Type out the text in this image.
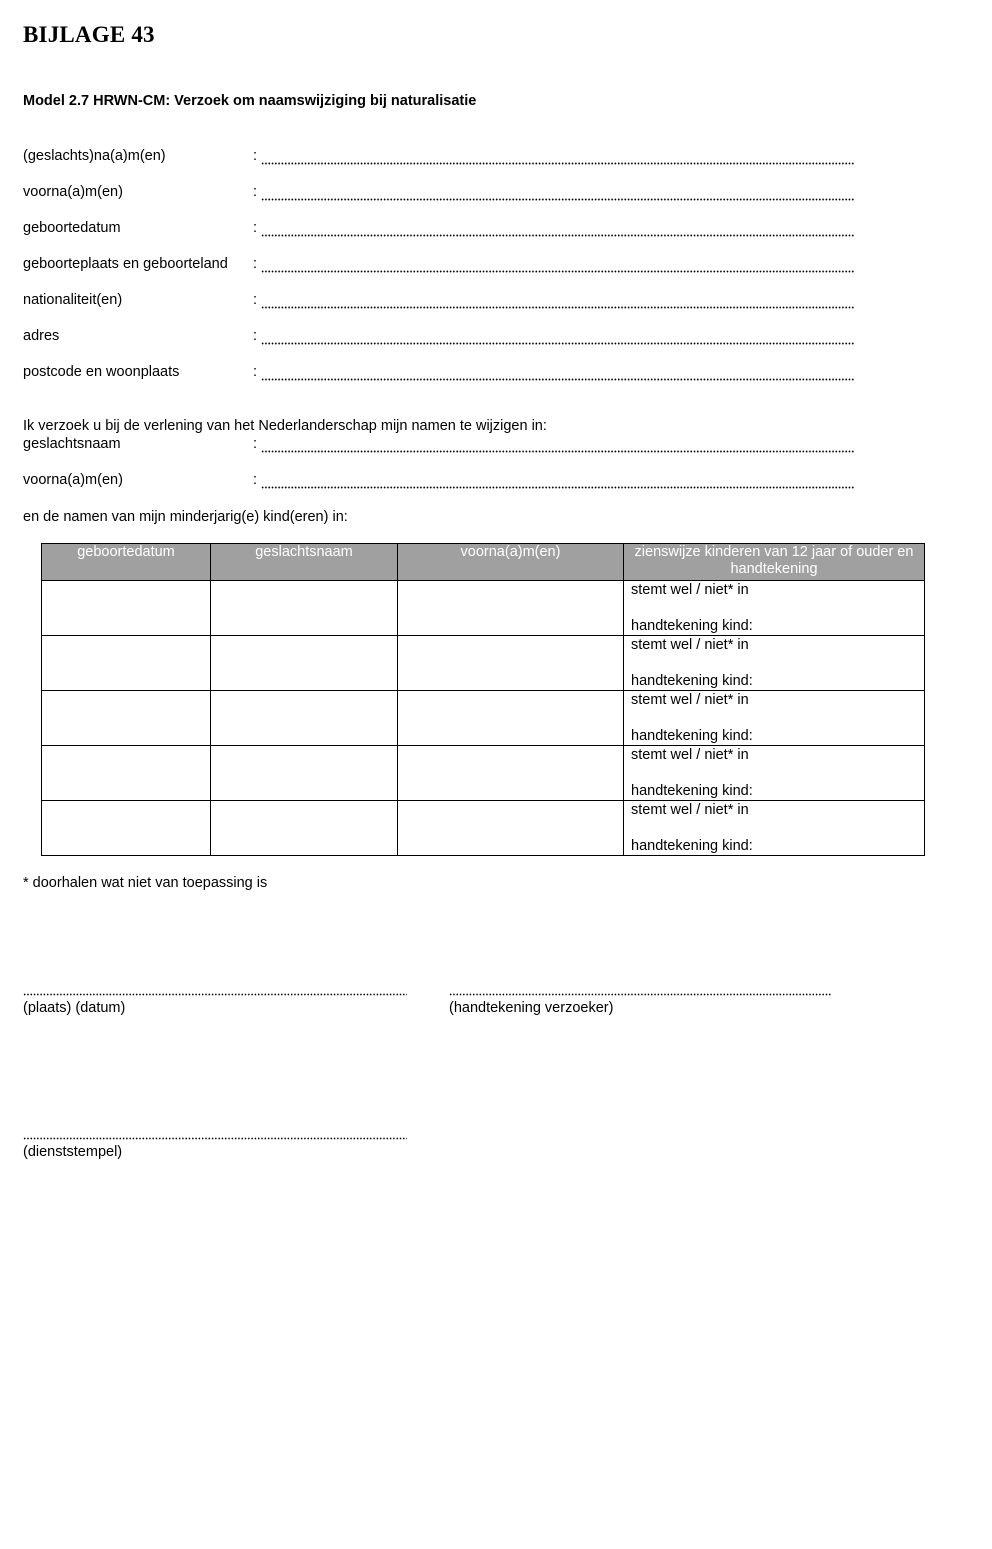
BIJLAGE 43
Model 2.7 HRWN-CM: Verzoek om naamswijziging bij naturalisatie
(geslachts)na(a)m(en)	:
voorna(a)m(en)	:
geboortedatum	:
geboorteplaats en geboorteland :
nationaliteit(en)	:
adres	:
postcode en woonplaats	:
Ik verzoek u bij de verlening van het Nederlanderschap mijn namen te wijzigen in:
geslachtsnaam	:
voorna(a)m(en)	:
en de namen van mijn minderjarig(e) kind(eren) in:
geboortedatum	geslachtsnaam	voorna(a)m(en)	zienswijze kinderen van 12 jaar of ouder en handtekening

			stemt wel / niet* in
handtekening kind:

			stemt wel / niet* in
handtekening kind:

			stemt wel / niet* in
handtekening kind:

			stemt wel / niet* in
handtekening kind:

			stemt wel / niet* in
handtekening kind:
* doorhalen wat niet van toepassing is
(plaats) (datum)	(handtekening verzoeker)
(dienststempel)
